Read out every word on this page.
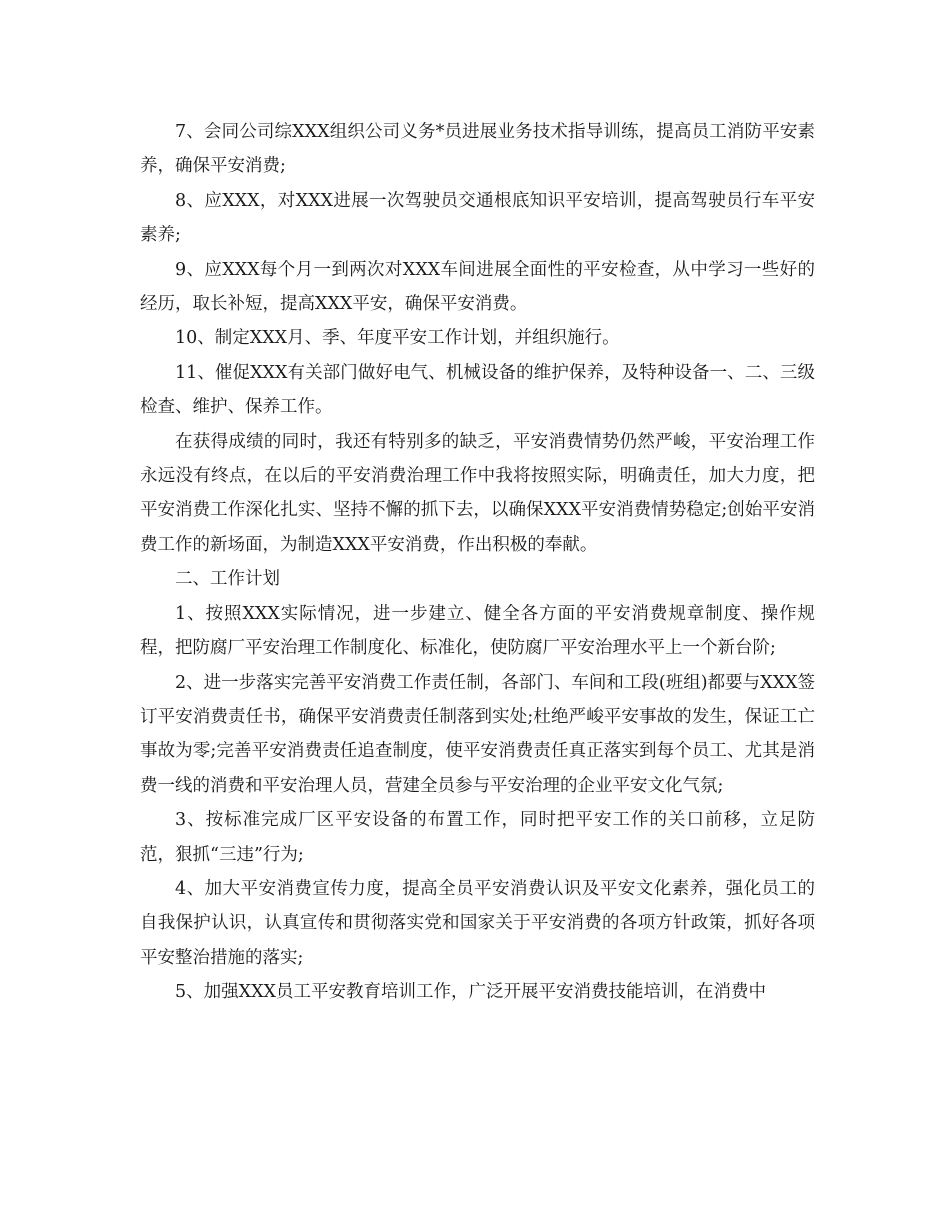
7、会同公司综XXX组织公司义务*员进展业务技术指导训练，提高员工消防平安素养，确保平安消费;

8、应XXX，对XXX进展一次驾驶员交通根底知识平安培训，提高驾驶员行车平安素养;

9、应XXX每个月一到两次对XXX车间进展全面性的平安检查，从中学习一些好的经历，取长补短，提高XXX平安，确保平安消费。

10、制定XXX月、季、年度平安工作计划，并组织施行。

11、催促XXX有关部门做好电气、机械设备的维护保养，及特种设备一、二、三级检查、维护、保养工作。

在获得成绩的同时，我还有特别多的缺乏，平安消费情势仍然严峻，平安治理工作永远没有终点，在以后的平安消费治理工作中我将按照实际，明确责任，加大力度，把平安消费工作深化扎实、坚持不懈的抓下去，以确保XXX平安消费情势稳定;创始平安消费工作的新场面，为制造XXX平安消费，作出积极的奉献。

二、工作计划

1、按照XXX实际情况，进一步建立、健全各方面的平安消费规章制度、操作规程，把防腐厂平安治理工作制度化、标准化，使防腐厂平安治理水平上一个新台阶;

2、进一步落实完善平安消费工作责任制，各部门、车间和工段(班组)都要与XXX签订平安消费责任书，确保平安消费责任制落到实处;杜绝严峻平安事故的发生，保证工亡事故为零;完善平安消费责任追查制度，使平安消费责任真正落实到每个员工、尤其是消费一线的消费和平安治理人员，营建全员参与平安治理的企业平安文化气氛;

3、按标准完成厂区平安设备的布置工作，同时把平安工作的关口前移，立足防范，狠抓“三违”行为;

4、加大平安消费宣传力度，提高全员平安消费认识及平安文化素养，强化员工的自我保护认识，认真宣传和贯彻落实党和国家关于平安消费的各项方针政策，抓好各项平安整治措施的落实;

5、加强XXX员工平安教育培训工作，广泛开展平安消费技能培训，在消费中
